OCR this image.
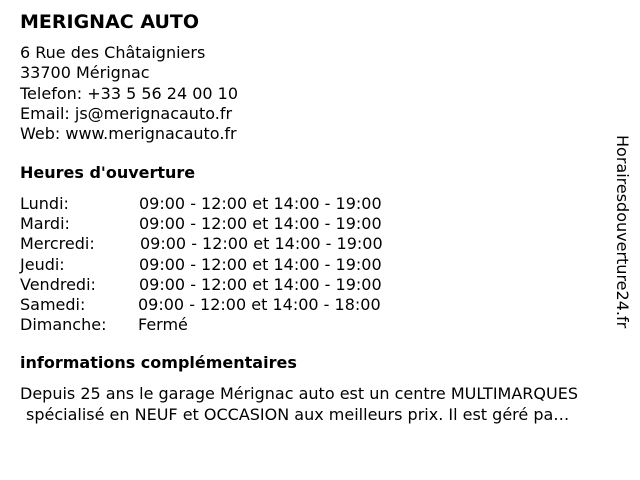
MERIGNAC AUTO
6 Rue des Châtaigniers
33700 Mérignac
Telefon: +33 5 56 24 00 10
Email: js@merignacauto.fr
Web: www.merignacauto.fr
Heures d'ouverture
Lundi:	09:00 - 12:00 et 14:00 - 19:00
Mardi:	09:00 - 12:00 et 14:00 - 19:00
Mercredi:	09:00 - 12:00 et 14:00 - 19:00
Jeudi:	09:00 - 12:00 et 14:00 - 19:00
Vendredi:	09:00 - 12:00 et 14:00 - 19:00
Samedi:	09:00 - 12:00 et 14:00 - 18:00
Dimanche: Fermé
informations complémentaires
Depuis 25 ans le garage Mérignac auto est un centre MULTIMARQUES
spécialisé en NEUF et OCCASION aux meilleurs prix. Il est géré pa…
Horairesdouverture24.fr
